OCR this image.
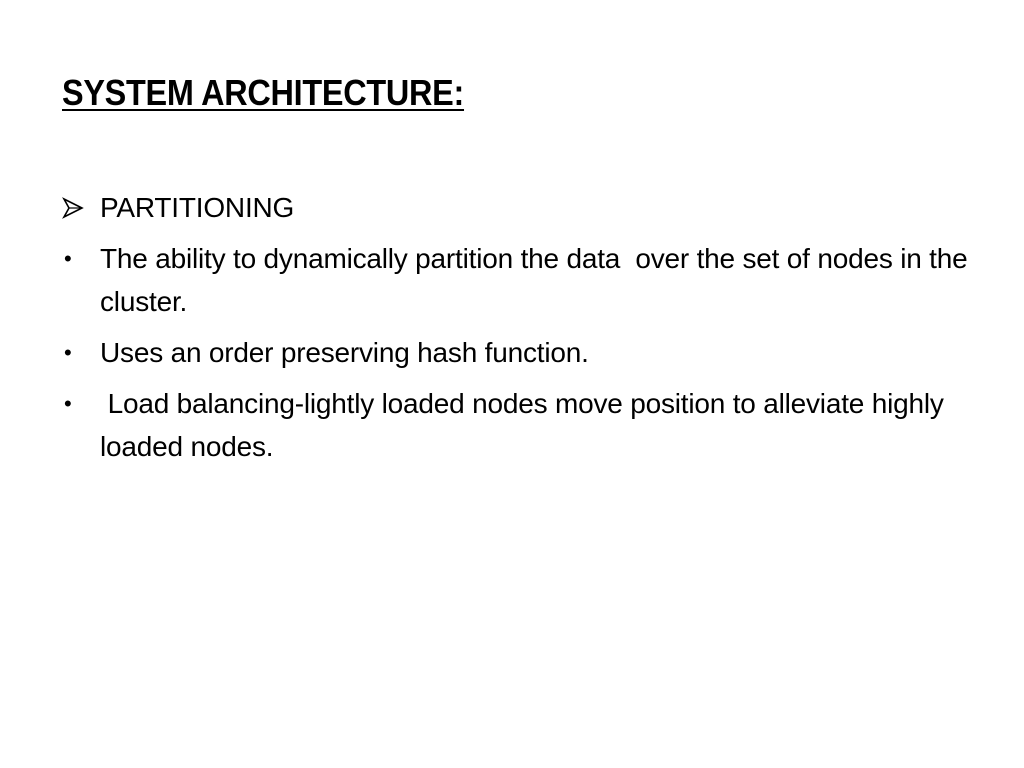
SYSTEM ARCHITECTURE:
PARTITIONING
•	The ability to dynamically partition the data  over the set of nodes in the cluster.
•	Uses an order preserving hash function.
•	Load balancing-lightly loaded nodes move position to alleviate highly loaded nodes.
